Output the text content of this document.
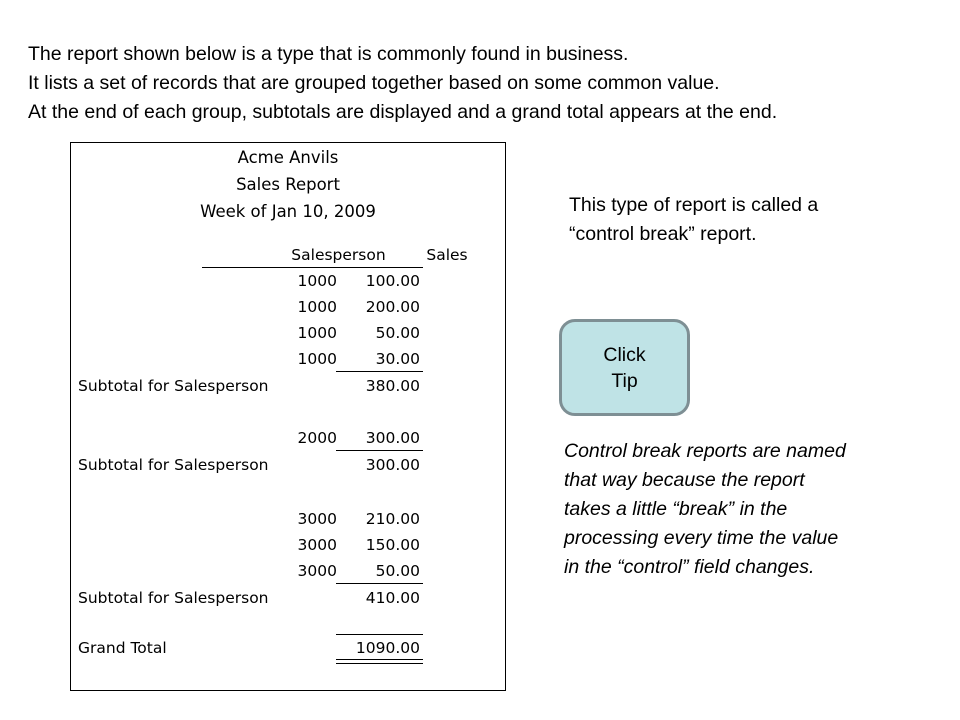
The report shown below is a type that is commonly found in business.
It lists a set of records that are grouped together based on some common value.
At the end of each group, subtotals are displayed and a grand total appears at the end.
Acme Anvils
Sales Report
Week of Jan 10, 2009
Salesperson	Sales
1000	100.00
1000	200.00
1000	50.00
1000	30.00
Subtotal for Salesperson	380.00
2000	300.00
Subtotal for Salesperson	300.00
3000	210.00
3000	150.00
3000	50.00
Subtotal for Salesperson	410.00
Grand Total	1090.00
This type of report is called a
“control break” report.
Click
Tip
Control break reports are named
that way because the report
takes a little “break” in the
processing every time the value
in the “control” field changes.
